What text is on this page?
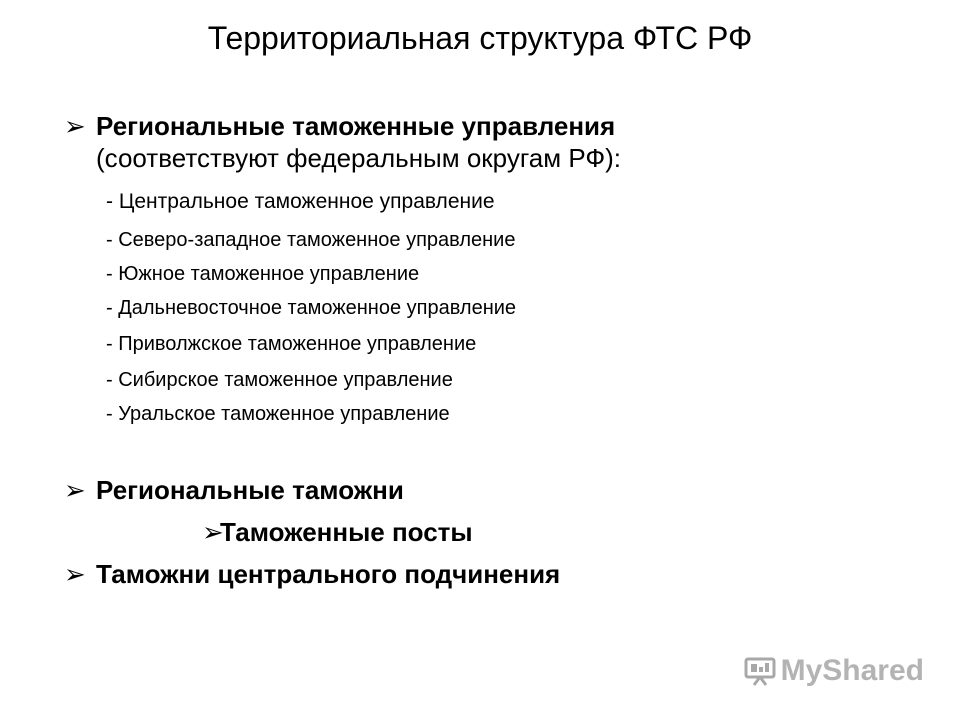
Территориальная структура ФТС РФ
➢ Региональные таможенные управления
(соответствуют федеральным округам РФ):
- Центральное таможенное управление
- Северо-западное таможенное управление
- Южное таможенное управление
- Дальневосточное таможенное управление
- Приволжское таможенное управление
- Сибирское таможенное управление
- Уральское таможенное управление
➢ Региональные таможни
➢
Таможенные посты
➢ Таможни центрального подчинения
MyShared
